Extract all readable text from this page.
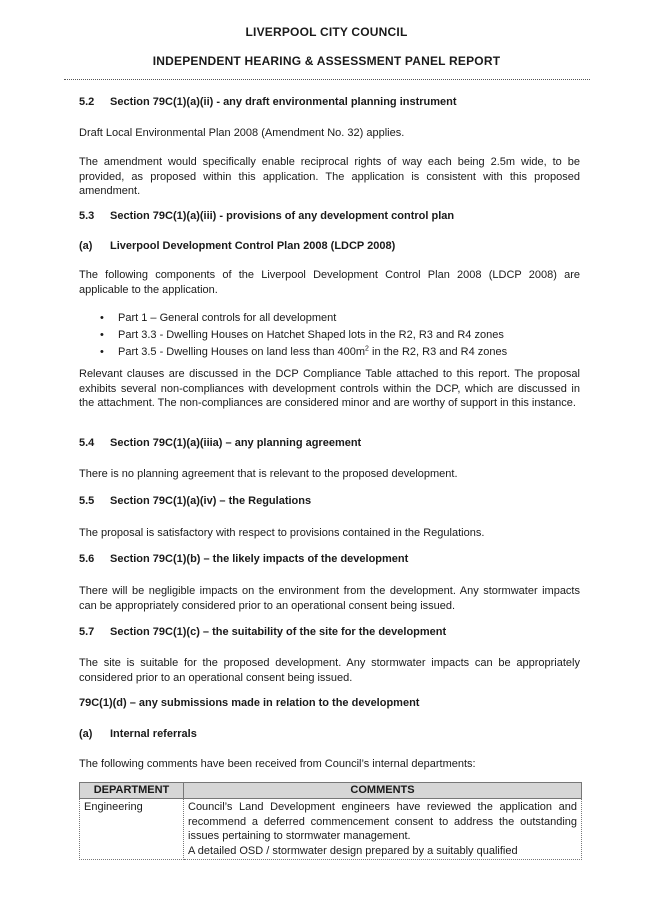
LIVERPOOL CITY COUNCIL
INDEPENDENT HEARING & ASSESSMENT PANEL REPORT
5.2 Section 79C(1)(a)(ii) - any draft environmental planning instrument
Draft Local Environmental Plan 2008 (Amendment No. 32) applies.
The amendment would specifically enable reciprocal rights of way each being 2.5m wide, to be provided, as proposed within this application. The application is consistent with this proposed amendment.
5.3 Section 79C(1)(a)(iii) - provisions of any development control plan
(a) Liverpool Development Control Plan 2008 (LDCP 2008)
The following components of the Liverpool Development Control Plan 2008 (LDCP 2008) are applicable to the application.
• Part 1 – General controls for all development
• Part 3.3 - Dwelling Houses on Hatchet Shaped lots in the R2, R3 and R4 zones
• Part 3.5 - Dwelling Houses on land less than $400m^2$ in the R2, R3 and R4 zones
Relevant clauses are discussed in the DCP Compliance Table attached to this report. The proposal exhibits several non-compliances with development controls within the DCP, which are discussed in the attachment. The non-compliances are considered minor and are worthy of support in this instance.
5.4 Section 79C(1)(a)(iiia) – any planning agreement
There is no planning agreement that is relevant to the proposed development.
5.5 Section 79C(1)(a)(iv) – the Regulations
The proposal is satisfactory with respect to provisions contained in the Regulations.
5.6 Section 79C(1)(b) – the likely impacts of the development
There will be negligible impacts on the environment from the development. Any stormwater impacts can be appropriately considered prior to an operational consent being issued.
5.7 Section 79C(1)(c) – the suitability of the site for the development
The site is suitable for the proposed development. Any stormwater impacts can be appropriately considered prior to an operational consent being issued.
79C(1)(d) – any submissions made in relation to the development
(a) Internal referrals
The following comments have been received from Council’s internal departments:
DEPARTMENT	COMMENTS
Engineering	Council’s Land Development engineers have reviewed the application and recommend a deferred commencement consent to address the outstanding issues pertaining to stormwater management.
A detailed OSD / stormwater design prepared by a suitably qualified
